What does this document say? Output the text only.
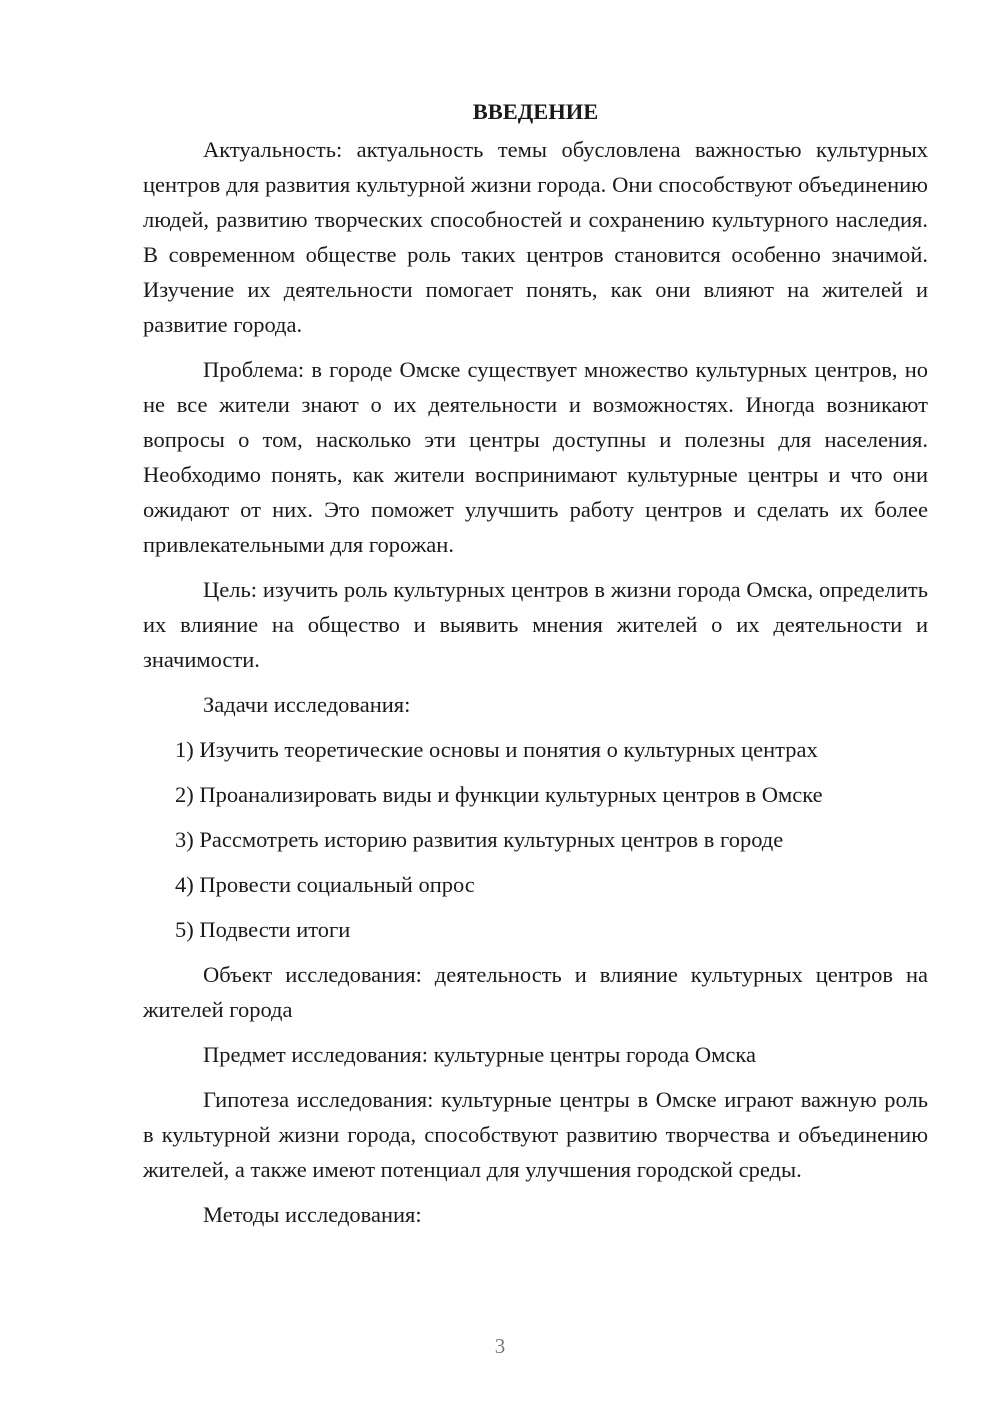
ВВЕДЕНИЕ

Актуальность: актуальность темы обусловлена важностью культурных центров для развития культурной жизни города. Они способствуют объединению людей, развитию творческих способностей и сохранению культурного наследия. В современном обществе роль таких центров становится особенно значимой. Изучение их деятельности помогает понять, как они влияют на жителей и развитие города.

Проблема: в городе Омске существует множество культурных центров, но не все жители знают о их деятельности и возможностях. Иногда возникают вопросы о том, насколько эти центры доступны и полезны для населения. Необходимо понять, как жители воспринимают культурные центры и что они ожидают от них. Это поможет улучшить работу центров и сделать их более привлекательными для горожан.

Цель: изучить роль культурных центров в жизни города Омска, определить их влияние на общество и выявить мнения жителей о их деятельности и значимости.

Задачи исследования:

1) Изучить теоретические основы и понятия о культурных центрах
2) Проанализировать виды и функции культурных центров в Омске
3) Рассмотреть историю развития культурных центров в городе
4) Провести социальный опрос
5) Подвести итоги

Объект исследования: деятельность и влияние культурных центров на жителей города

Предмет исследования: культурные центры города Омска

Гипотеза исследования: культурные центры в Омске играют важную роль в культурной жизни города, способствуют развитию творчества и объединению жителей, а также имеют потенциал для улучшения городской среды.

Методы исследования:

3
